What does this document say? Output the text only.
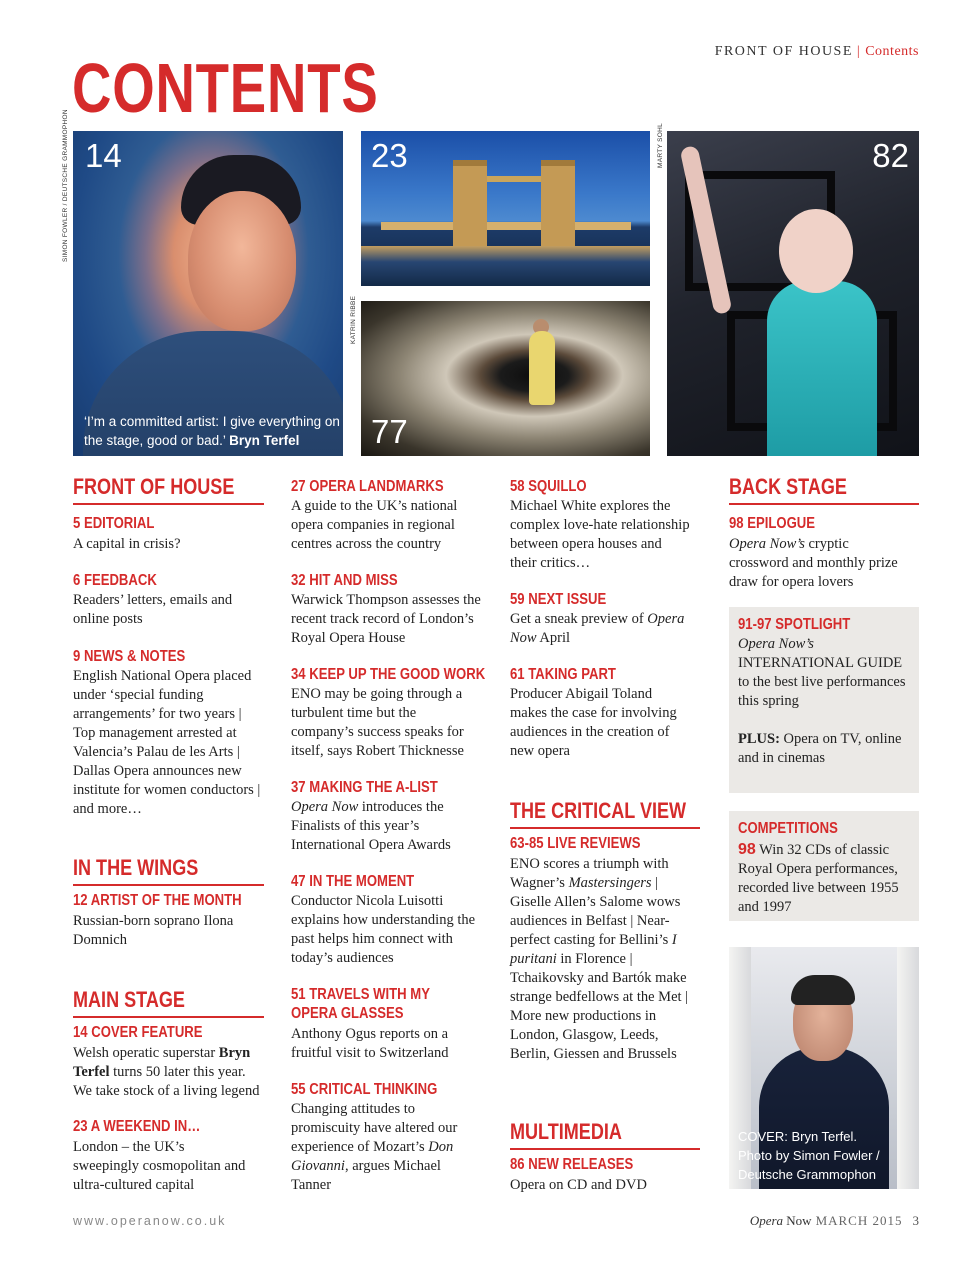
FRONT OF HOUSE | Contents
CONTENTS
SIMON FOWLER / DEUTSCHE GRAMMOPHON 14
‘I’m a committed artist: I give everything on the stage, good or bad.’ Bryn Terfel
23
KATRIN RIBBE
77
MARTY SOHL	82
FRONT OF HOUSE
5 EDITORIAL
A capital in crisis?
6 FEEDBACK
Readers’ letters, emails and online posts
9 NEWS & NOTES
English National Opera placed under ‘special funding arrangements’ for two years | Top management arrested at Valencia’s Palau de les Arts | Dallas Opera announces new institute for women conductors | and more…
IN THE WINGS
12 ARTIST OF THE MONTH
Russian-born soprano Ilona Domnich
MAIN STAGE
14 COVER FEATURE
Welsh operatic superstar Bryn Terfel turns 50 later this year. We take stock of a living legend
23 A WEEKEND IN…
London – the UK’s sweepingly cosmopolitan and ultra-cultured capital
27 OPERA LANDMARKS
A guide to the UK’s national opera companies in regional centres across the country
32 HIT AND MISS
Warwick Thompson assesses the recent track record of London’s Royal Opera House
34 KEEP UP THE GOOD WORK
ENO may be going through a turbulent time but the company’s success speaks for itself, says Robert Thicknesse
37 MAKING THE A-LIST
Opera Now introduces the Finalists of this year’s International Opera Awards
47 IN THE MOMENT
Conductor Nicola Luisotti explains how understanding the past helps him connect with today’s audiences
51 TRAVELS WITH MY OPERA GLASSES
Anthony Ogus reports on a fruitful visit to Switzerland
55 CRITICAL THINKING
Changing attitudes to promiscuity have altered our experience of Mozart’s Don Giovanni, argues Michael Tanner
58 SQUILLO
Michael White explores the complex love-hate relationship between opera houses and their critics…
59 NEXT ISSUE
Get a sneak preview of Opera Now April
61 TAKING PART
Producer Abigail Toland makes the case for involving audiences in the creation of new opera
THE CRITICAL VIEW
63-85 LIVE REVIEWS
ENO scores a triumph with Wagner’s Mastersingers | Giselle Allen’s Salome wows audiences in Belfast | Near-perfect casting for Bellini’s I puritani in Florence | Tchaikovsky and Bartók make strange bedfellows at the Met | More new productions in London, Glasgow, Leeds, Berlin, Giessen and Brussels
MULTIMEDIA
86 NEW RELEASES
Opera on CD and DVD
BACK STAGE
98 EPILOGUE
Opera Now’s cryptic crossword and monthly prize draw for opera lovers
91-97 SPOTLIGHT
Opera Now’s
INTERNATIONAL GUIDE
to the best live performances this spring
PLUS: Opera on TV, online and in cinemas
COMPETITIONS
98 Win 32 CDs of classic Royal Opera performances, recorded live between 1955 and 1997
COVER: Bryn Terfel.
Photo by Simon Fowler /
Deutsche Grammophon
www.operanow.co.uk	Opera Now MARCH 2015 3
